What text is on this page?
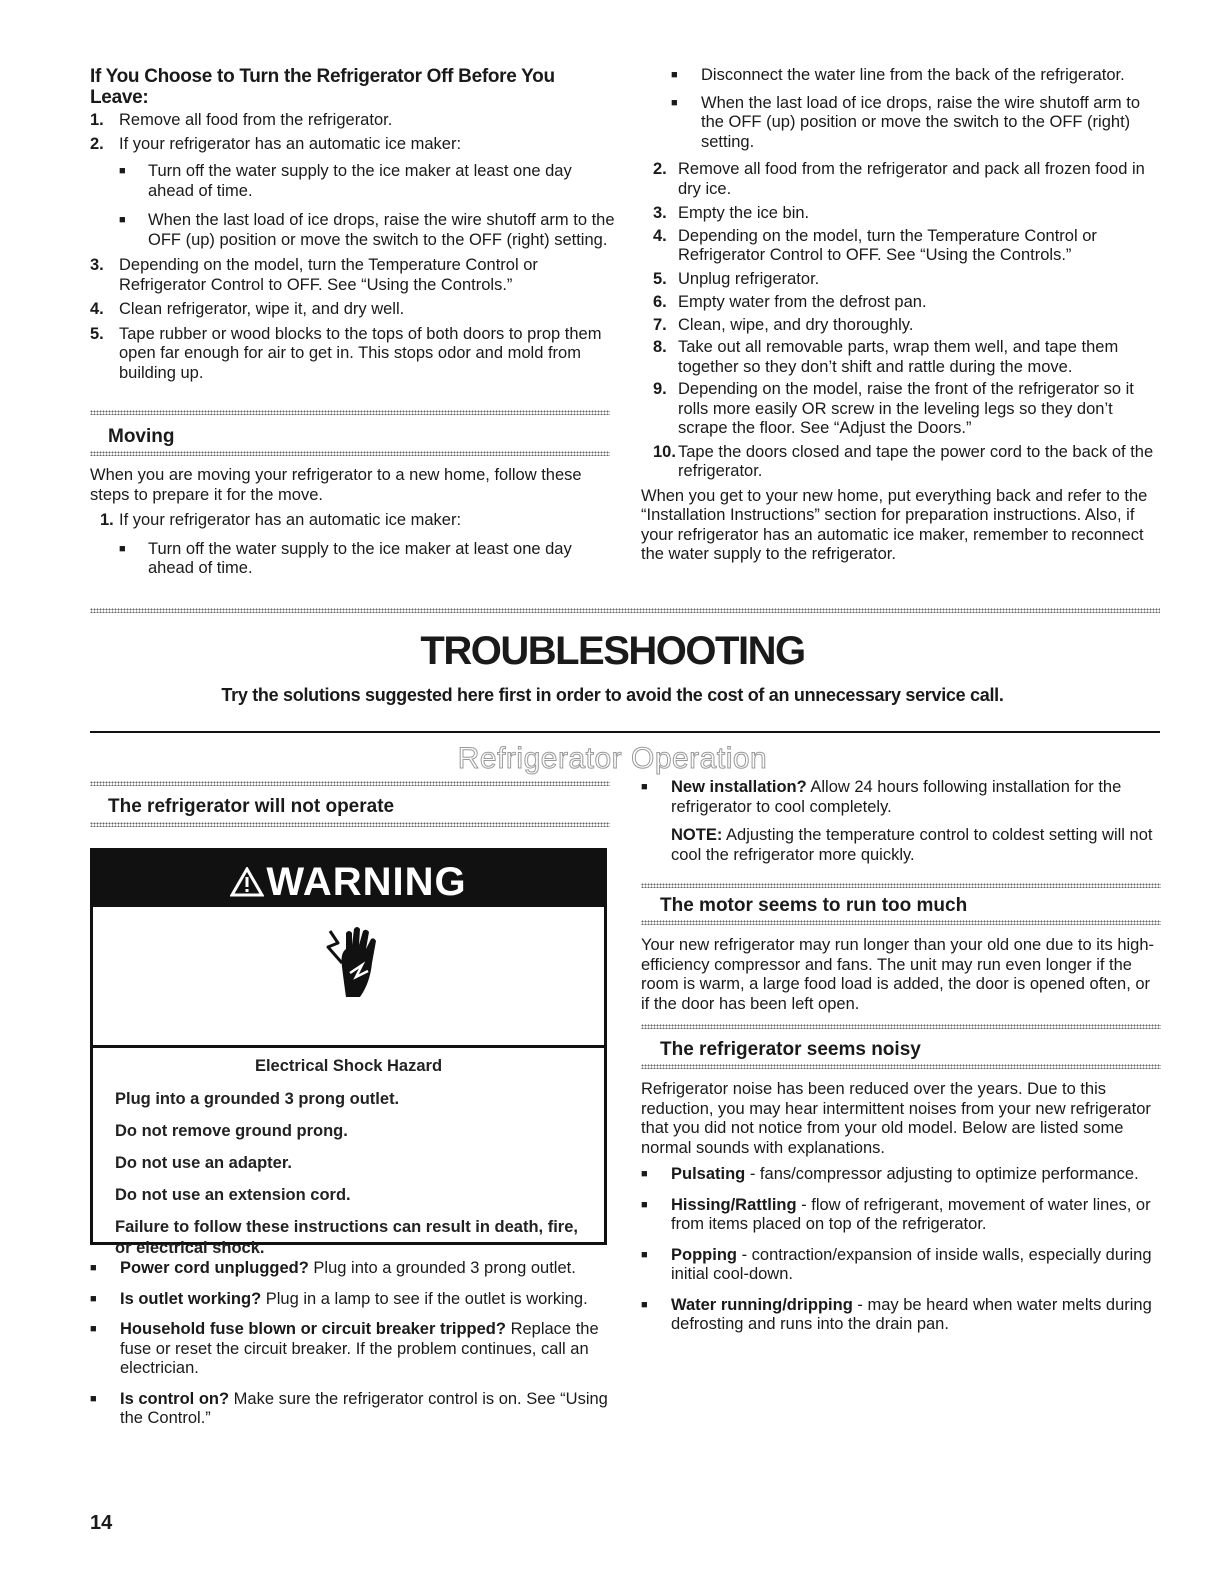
If You Choose to Turn the Refrigerator Off Before You Leave:

1. Remove all food from the refrigerator.
2. If your refrigerator has an automatic ice maker:
■ Turn off the water supply to the ice maker at least one day ahead of time.
■ When the last load of ice drops, raise the wire shutoff arm to the OFF (up) position or move the switch to the OFF (right) setting.
3. Depending on the model, turn the Temperature Control or Refrigerator Control to OFF. See “Using the Controls.”
4. Clean refrigerator, wipe it, and dry well.
5. Tape rubber or wood blocks to the tops of both doors to prop them open far enough for air to get in. This stops odor and mold from building up.

Moving

When you are moving your refrigerator to a new home, follow these steps to prepare it for the move.

1. If your refrigerator has an automatic ice maker:
■ Turn off the water supply to the ice maker at least one day ahead of time.
■ Disconnect the water line from the back of the refrigerator.
■ When the last load of ice drops, raise the wire shutoff arm to the OFF (up) position or move the switch to the OFF (right) setting.
2. Remove all food from the refrigerator and pack all frozen food in dry ice.
3. Empty the ice bin.
4. Depending on the model, turn the Temperature Control or Refrigerator Control to OFF. See “Using the Controls.”
5. Unplug refrigerator.
6. Empty water from the defrost pan.
7. Clean, wipe, and dry thoroughly.
8. Take out all removable parts, wrap them well, and tape them together so they don’t shift and rattle during the move.
9. Depending on the model, raise the front of the refrigerator so it rolls more easily OR screw in the leveling legs so they don’t scrape the floor. See “Adjust the Doors.”
10. Tape the doors closed and tape the power cord to the back of the refrigerator.

When you get to your new home, put everything back and refer to the “Installation Instructions” section for preparation instructions. Also, if your refrigerator has an automatic ice maker, remember to reconnect the water supply to the refrigerator.

TROUBLESHOOTING

Try the solutions suggested here first in order to avoid the cost of an unnecessary service call.

Refrigerator Operation

The refrigerator will not operate

WARNING

Electrical Shock Hazard

Plug into a grounded 3 prong outlet.

Do not remove ground prong.

Do not use an adapter.

Do not use an extension cord.

Failure to follow these instructions can result in death, fire, or electrical shock.

■ Power cord unplugged? Plug into a grounded 3 prong outlet.
■ Is outlet working? Plug in a lamp to see if the outlet is working.
■ Household fuse blown or circuit breaker tripped? Replace the fuse or reset the circuit breaker. If the problem continues, call an electrician.
■ Is control on? Make sure the refrigerator control is on. See “Using the Control.”
■ New installation? Allow 24 hours following installation for the refrigerator to cool completely.

NOTE: Adjusting the temperature control to coldest setting will not cool the refrigerator more quickly.

The motor seems to run too much

Your new refrigerator may run longer than your old one due to its high-efficiency compressor and fans. The unit may run even longer if the room is warm, a large food load is added, the door is opened often, or if the door has been left open.

The refrigerator seems noisy

Refrigerator noise has been reduced over the years. Due to this reduction, you may hear intermittent noises from your new refrigerator that you did not notice from your old model. Below are listed some normal sounds with explanations.

■ Pulsating - fans/compressor adjusting to optimize performance.
■ Hissing/Rattling - flow of refrigerant, movement of water lines, or from items placed on top of the refrigerator.
■ Popping - contraction/expansion of inside walls, especially during initial cool-down.
■ Water running/dripping - may be heard when water melts during defrosting and runs into the drain pan.

14
